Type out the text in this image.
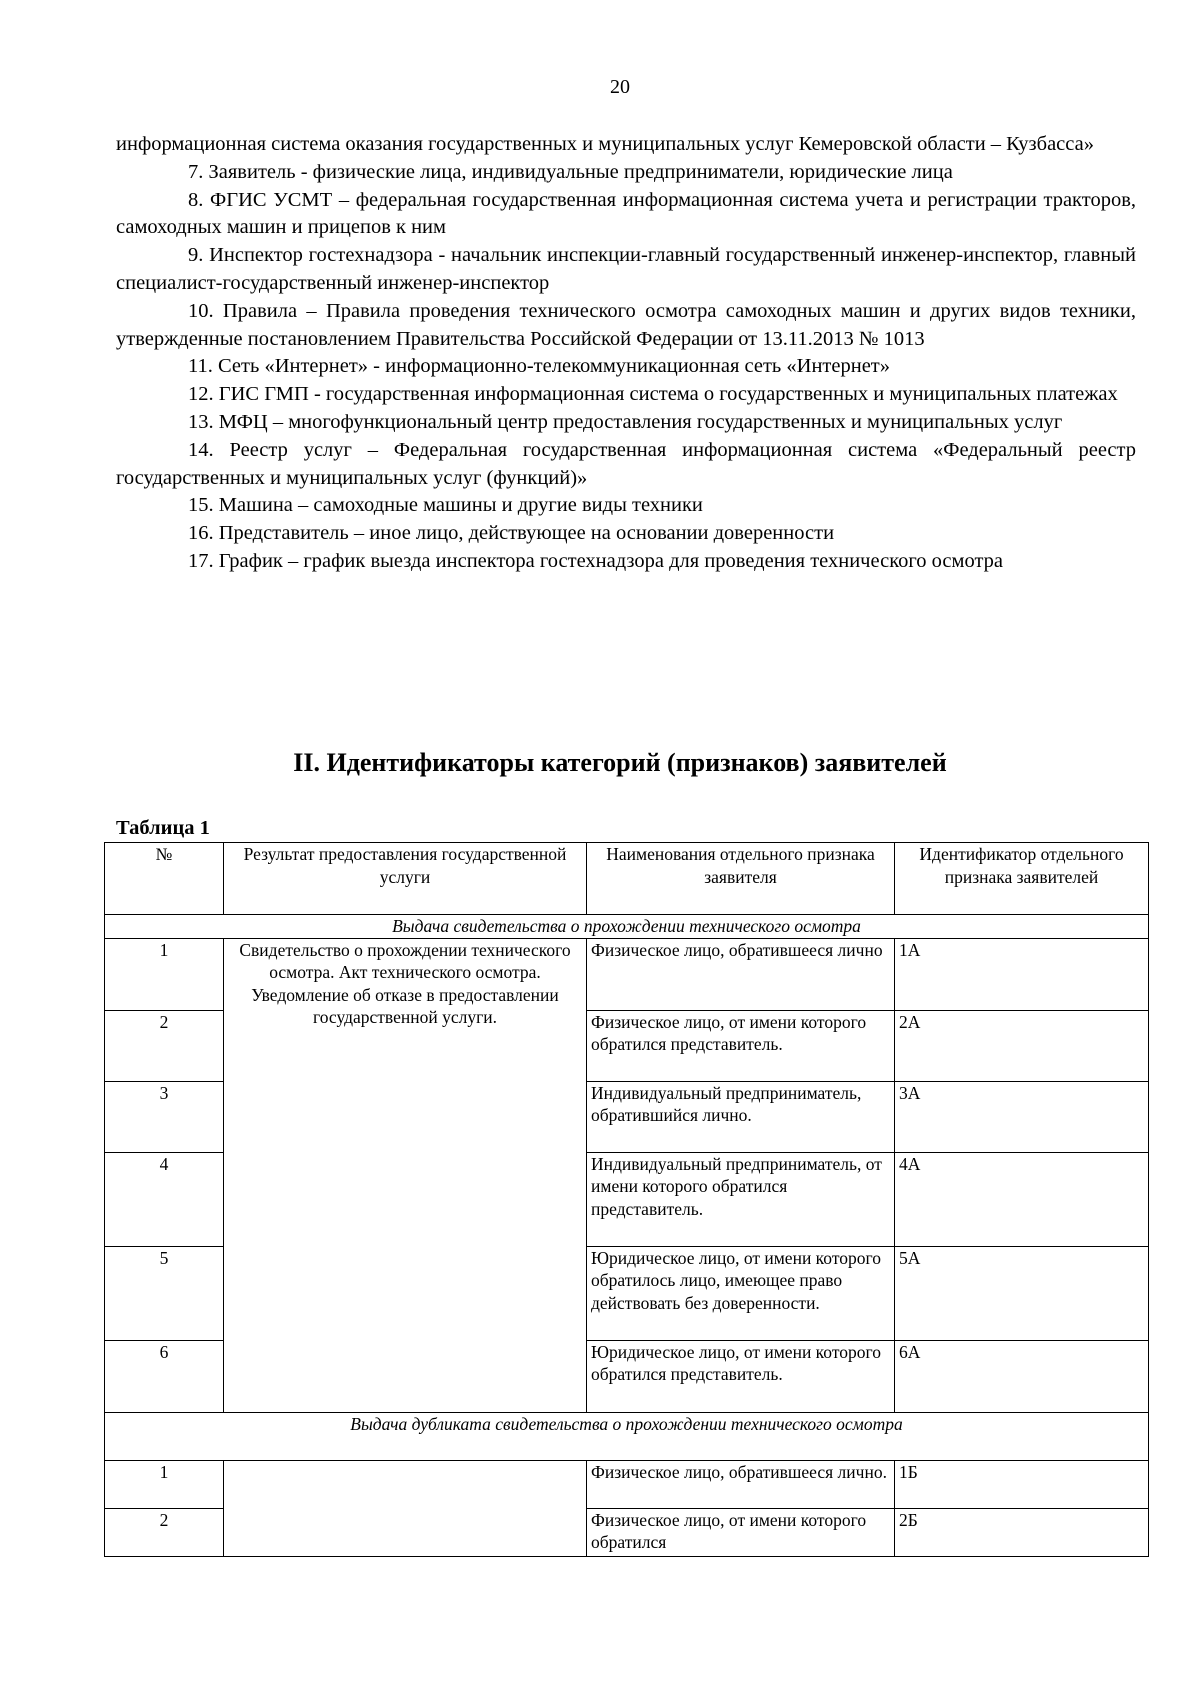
20

информационная система оказания государственных и муниципальных услуг Кемеровской области – Кузбасса»

7. Заявитель - физические лица, индивидуальные предприниматели, юридические лица

8. ФГИС УСМТ – федеральная государственная информационная система учета и регистрации тракторов, самоходных машин и прицепов к ним

9. Инспектор гостехнадзора - начальник инспекции-главный государственный инженер-инспектор, главный специалист-государственный инженер-инспектор

10. Правила – Правила проведения технического осмотра самоходных машин и других видов техники, утвержденные постановлением Правительства Российской Федерации от 13.11.2013 № 1013

11. Сеть «Интернет» - информационно-телекоммуникационная сеть «Интернет»

12. ГИС ГМП - государственная информационная система о государственных и муниципальных платежах

13. МФЦ – многофункциональный центр предоставления государственных и муниципальных услуг

14. Реестр услуг – Федеральная государственная информационная система «Федеральный реестр государственных и муниципальных услуг (функций)»

15. Машина – самоходные машины и другие виды техники

16. Представитель – иное лицо, действующее на основании доверенности

17. График – график выезда инспектора гостехнадзора для проведения технического осмотра

II. Идентификаторы категорий (признаков) заявителей

Таблица 1

№	Результат предоставления государственной услуги	Наименования отдельного признака заявителя	Идентификатор отдельного признака заявителей
Выдача свидетельства о прохождении технического осмотра			
1	Свидетельство о прохождении технического осмотра. Акт технического осмотра. Уведомление об отказе в предоставлении государственной услуги.	Физическое лицо, обратившееся лично	1А
2		Физическое лицо, от имени которого обратился представитель.	2А
3		Индивидуальный предприниматель, обратившийся лично.	3А
4		Индивидуальный предприниматель, от имени которого обратился представитель.	4А
5		Юридическое лицо, от имени которого обратилось лицо, имеющее право действовать без доверенности.	5А
6		Юридическое лицо, от имени которого обратился представитель.	6А
Выдача дубликата свидетельства о прохождении технического осмотра			
1		Физическое лицо, обратившееся лично.	1Б
2		Физическое лицо, от имени которого обратился	2Б
